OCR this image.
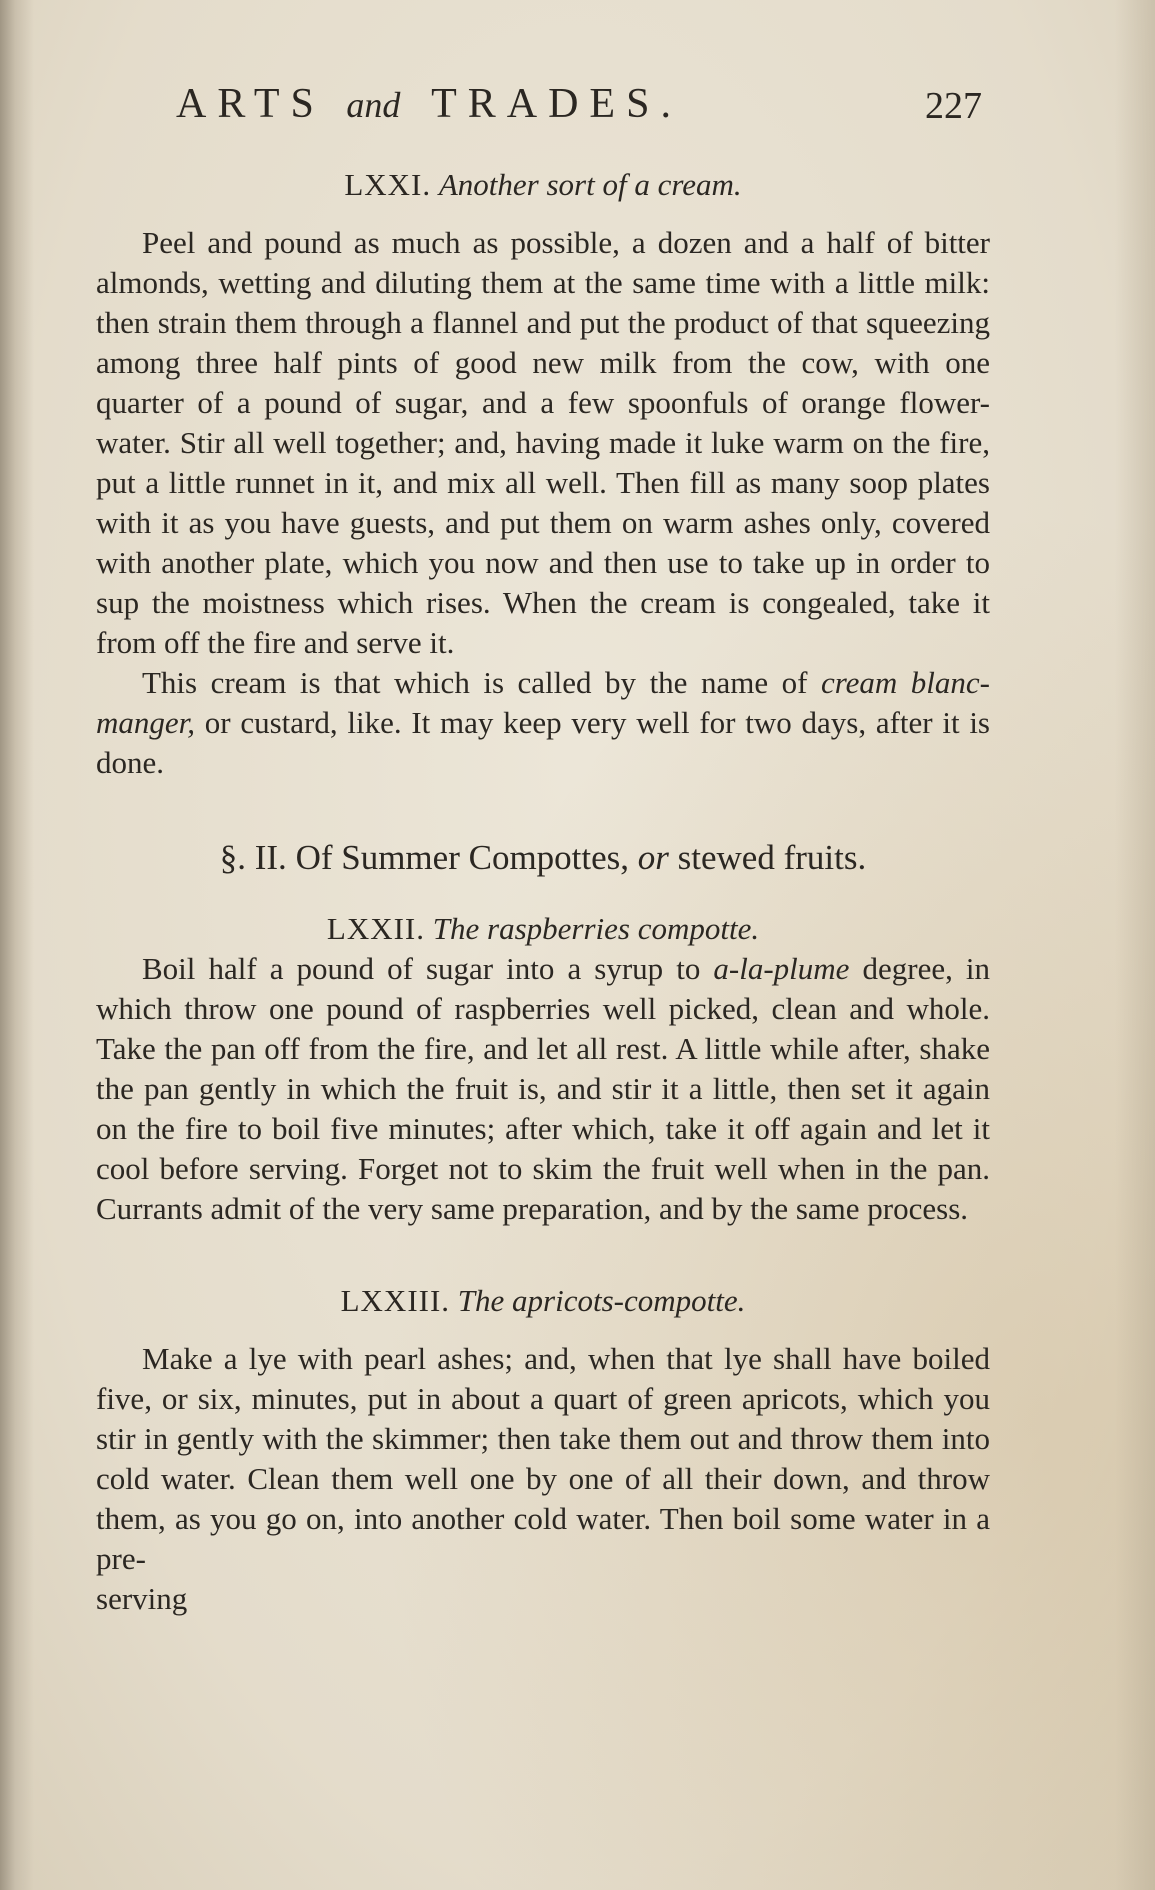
ARTS and TRADES.	227
LXXI. Another sort of a cream.

Peel and pound as much as possible, a dozen and a half of bitter almonds, wetting and diluting them at the same time with a little milk: then strain them through a flannel and put the product of that squeezing among three half pints of good new milk from the cow, with one quarter of a pound of sugar, and a few spoonfuls of orange flower-water. Stir all well together; and, having made it luke warm on the fire, put a little runnet in it, and mix all well. Then fill as many soop plates with it as you have guests, and put them on warm ashes only, covered with another plate, which you now and then use to take up in order to sup the moistness which rises. When the cream is congealed, take it from off the fire and serve it.

This cream is that which is called by the name of cream blanc-manger, or custard, like. It may keep very well for two days, after it is done.

§. II. Of Summer Compottes, or stewed fruits.
LXXII. The raspberries compotte.

Boil half a pound of sugar into a syrup to a-la-plume degree, in which throw one pound of raspberries well picked, clean and whole. Take the pan off from the fire, and let all rest. A little while after, shake the pan gently in which the fruit is, and stir it a little, then set it again on the fire to boil five minutes; after which, take it off again and let it cool before serving. Forget not to skim the fruit well when in the pan. Currants admit of the very same preparation, and by the same process.

LXXIII. The apricots-compotte.

Make a lye with pearl ashes; and, when that lye shall have boiled five, or six, minutes, put in about a quart of green apricots, which you stir in gently with the skimmer; then take them out and throw them into cold water. Clean them well one by one of all their down, and throw them, as you go on, into another cold water. Then boil some water in a pre-

serving
